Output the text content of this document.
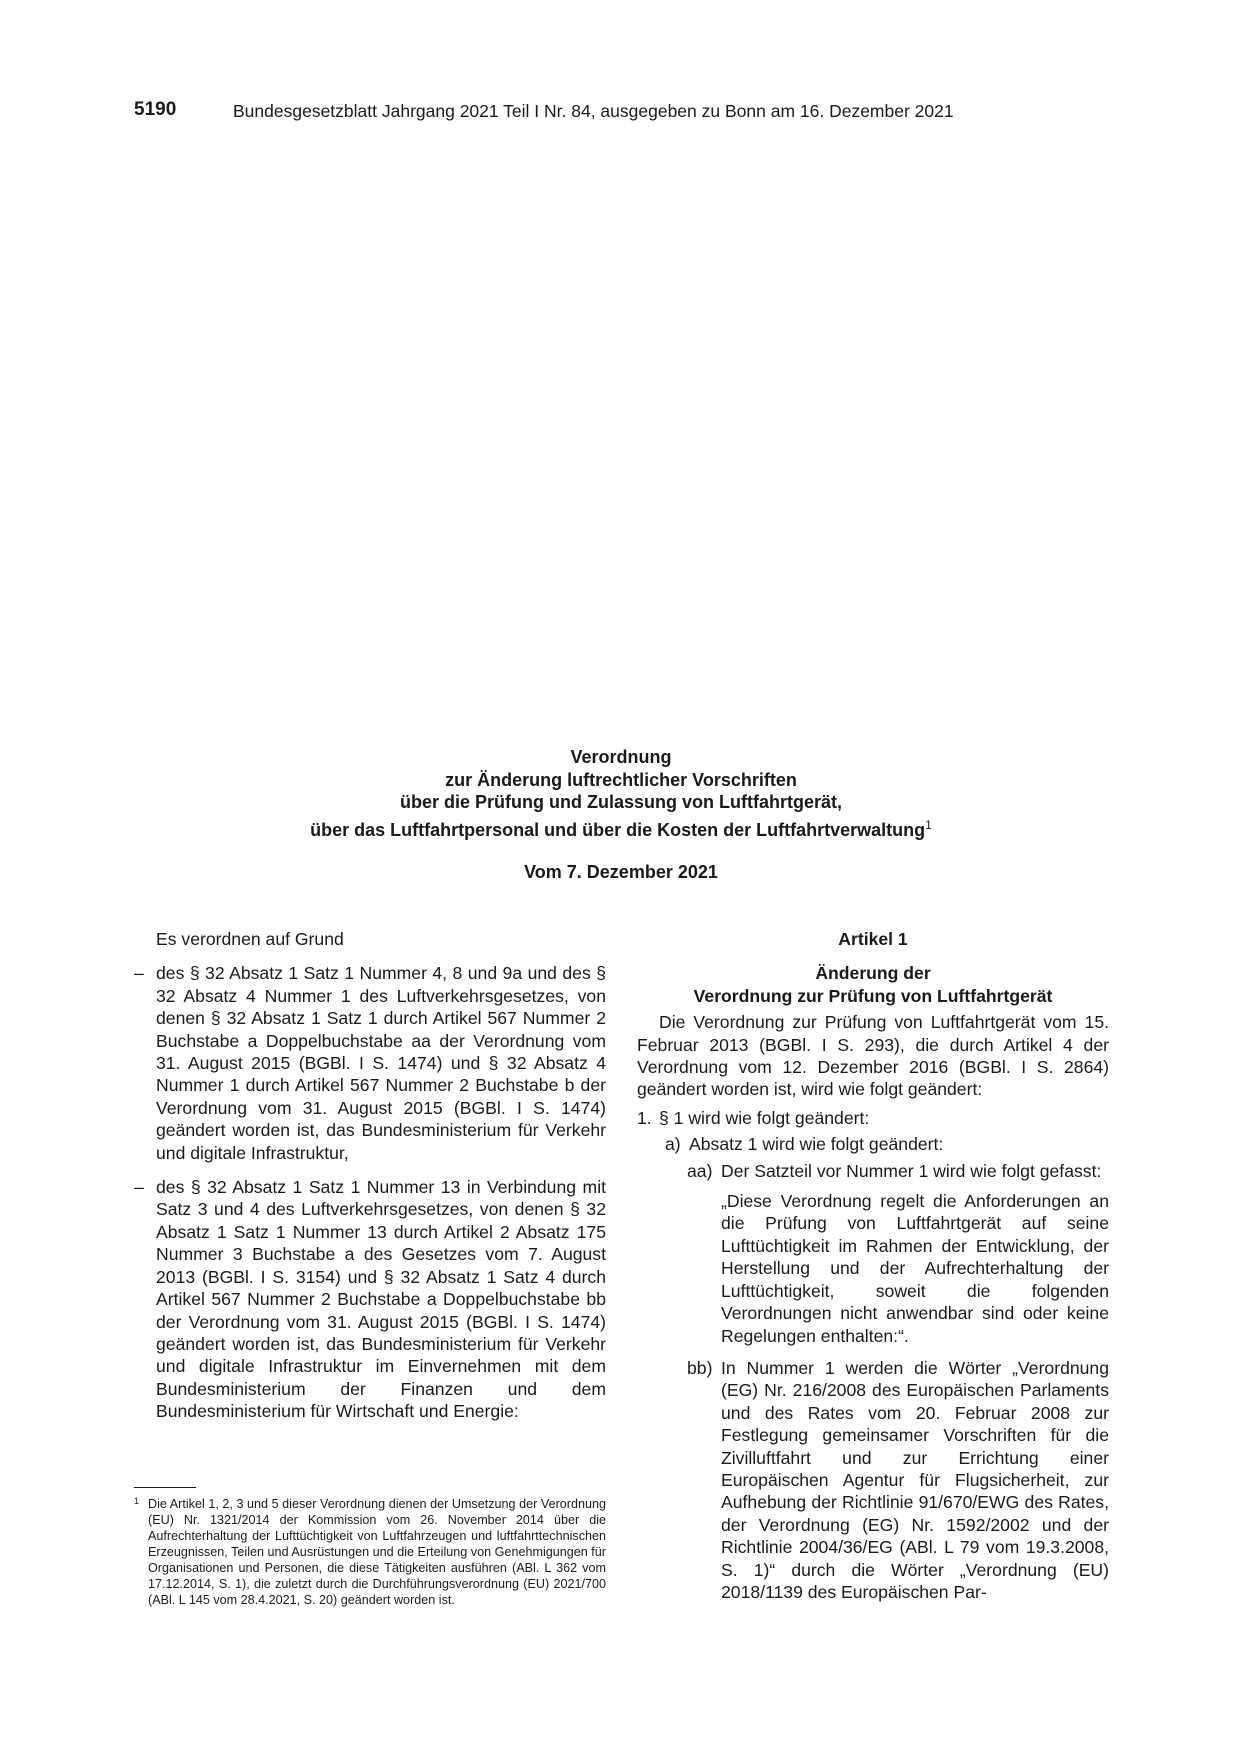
5190	Bundesgesetzblatt Jahrgang 2021 Teil I Nr. 84, ausgegeben zu Bonn am 16. Dezember 2021
Verordnung
zur Änderung luftrechtlicher Vorschriften
über die Prüfung und Zulassung von Luftfahrtgerät,
über das Luftfahrtpersonal und über die Kosten der Luftfahrtverwaltung$^1$
Vom 7. Dezember 2021
Es verordnen auf Grund
– des § 32 Absatz 1 Satz 1 Nummer 4, 8 und 9a und des § 32 Absatz 4 Nummer 1 des Luftverkehrsgesetzes, von denen § 32 Absatz 1 Satz 1 durch Artikel 567 Nummer 2 Buchstabe a Doppelbuchstabe aa der Verordnung vom 31. August 2015 (BGBl. I S. 1474) und § 32 Absatz 4 Nummer 1 durch Artikel 567 Nummer 2 Buchstabe b der Verordnung vom 31. August 2015 (BGBl. I S. 1474) geändert worden ist, das Bundesministerium für Verkehr und digitale Infrastruktur,
– des § 32 Absatz 1 Satz 1 Nummer 13 in Verbindung mit Satz 3 und 4 des Luftverkehrsgesetzes, von denen § 32 Absatz 1 Satz 1 Nummer 13 durch Artikel 2 Absatz 175 Nummer 3 Buchstabe a des Gesetzes vom 7. August 2013 (BGBl. I S. 3154) und § 32 Absatz 1 Satz 4 durch Artikel 567 Nummer 2 Buchstabe a Doppelbuchstabe bb der Verordnung vom 31. August 2015 (BGBl. I S. 1474) geändert worden ist, das Bundesministerium für Verkehr und digitale Infrastruktur im Einvernehmen mit dem Bundesministerium der Finanzen und dem Bundesministerium für Wirtschaft und Energie:
1 Die Artikel 1, 2, 3 und 5 dieser Verordnung dienen der Umsetzung der Verordnung (EU) Nr. 1321/2014 der Kommission vom 26. November 2014 über die Aufrechterhaltung der Lufttüchtigkeit von Luftfahrzeugen und luftfahrttechnischen Erzeugnissen, Teilen und Ausrüstungen und die Erteilung von Genehmigungen für Organisationen und Personen, die diese Tätigkeiten ausführen (ABl. L 362 vom 17.12.2014, S. 1), die zuletzt durch die Durchführungsverordnung (EU) 2021/700 (ABl. L 145 vom 28.4.2021, S. 20) geändert worden ist.
Artikel 1
Änderung der
Verordnung zur Prüfung von Luftfahrtgerät
Die Verordnung zur Prüfung von Luftfahrtgerät vom 15. Februar 2013 (BGBl. I S. 293), die durch Artikel 4 der Verordnung vom 12. Dezember 2016 (BGBl. I S. 2864) geändert worden ist, wird wie folgt geändert:
1. § 1 wird wie folgt geändert:
a) Absatz 1 wird wie folgt geändert:
aa) Der Satzteil vor Nummer 1 wird wie folgt gefasst:
„Diese Verordnung regelt die Anforderungen an die Prüfung von Luftfahrtgerät auf seine Lufttüchtigkeit im Rahmen der Entwicklung, der Herstellung und der Aufrechterhaltung der Lufttüchtigkeit, soweit die folgenden Verordnungen nicht anwendbar sind oder keine Regelungen enthalten:“.
bb) In Nummer 1 werden die Wörter „Verordnung (EG) Nr. 216/2008 des Europäischen Parlaments und des Rates vom 20. Februar 2008 zur Festlegung gemeinsamer Vorschriften für die Zivilluftfahrt und zur Errichtung einer Europäischen Agentur für Flugsicherheit, zur Aufhebung der Richtlinie 91/670/EWG des Rates, der Verordnung (EG) Nr. 1592/2002 und der Richtlinie 2004/36/EG (ABl. L 79 vom 19.3.2008, S. 1)“ durch die Wörter „Verordnung (EU) 2018/1139 des Europäischen Par-
